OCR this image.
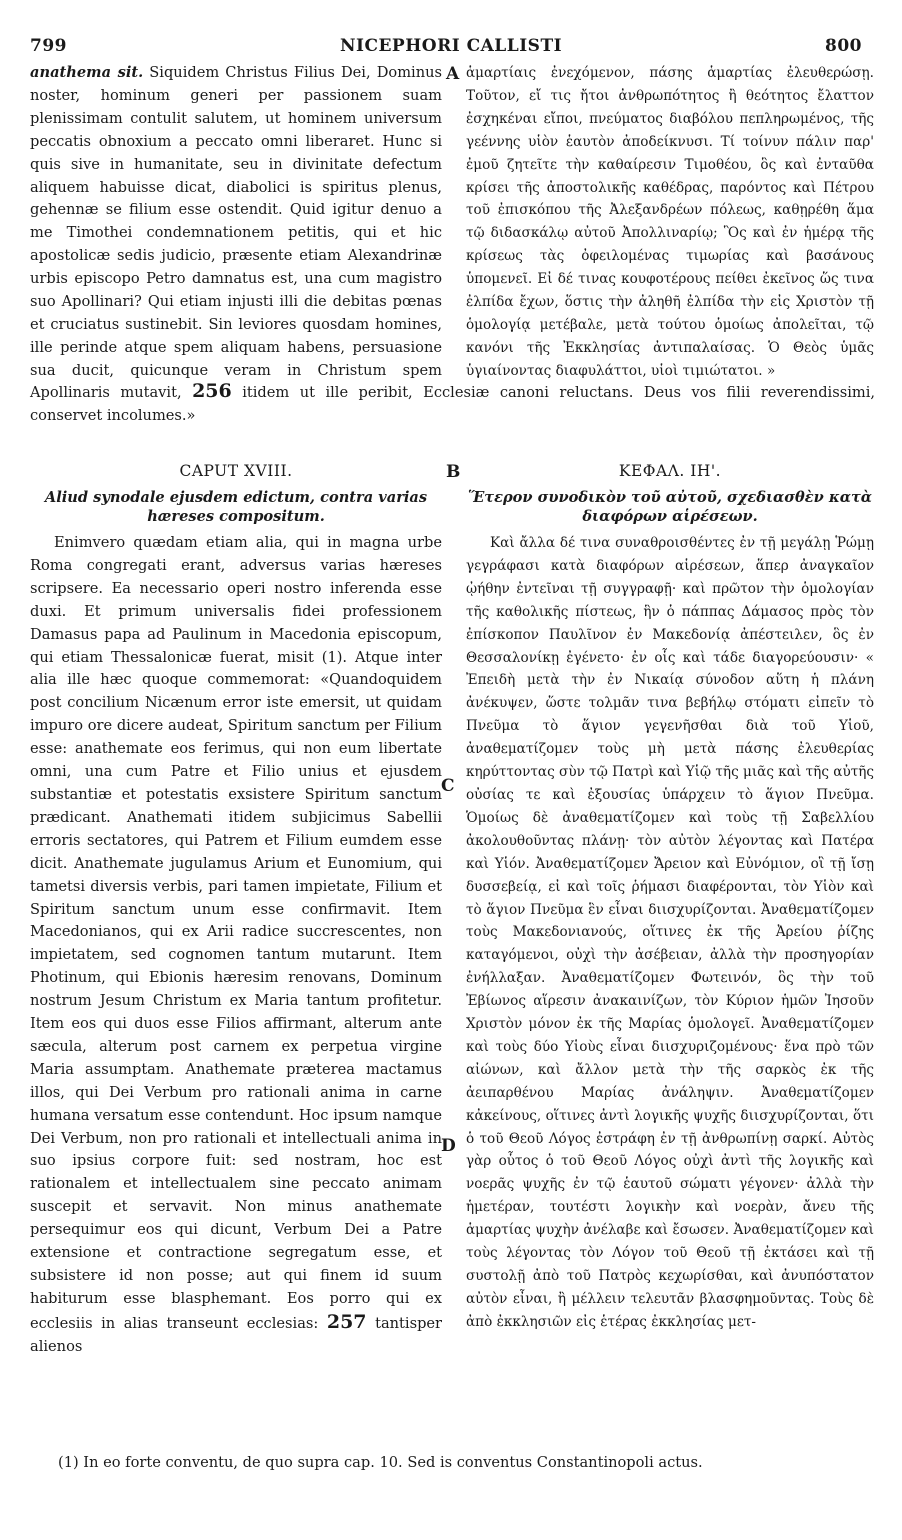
799	NICEPHORI CALLISTI	800

anathema sit. Siquidem Christus Filius Dei, Dominus noster, hominum generi per passionem suam plenissimam contulit salutem, ut hominem universum peccatis obnoxium a peccato omni liberaret. Hunc si quis sive in humanitate, seu in divinitate defectum aliquem habuisse dicat, diabolici is spiritus plenus, gehennæ se filium esse ostendit. Quid igitur denuo a me Timothei condemnationem petitis, qui et hic apostolicæ sedis judicio, præsente etiam Alexandrinæ urbis episcopo Petro damnatus est, una cum magistro suo Apollinari? Qui etiam injusti illi die debitas pœnas et cruciatus sustinebit. Sin leviores quosdam homines, ille perinde atque spem aliquam habens, persuasione sua ducit, quicunque veram in Christum spem

A ἁμαρτίαις ἐνεχόμενον, πάσης ἁμαρτίας ἐλευθερώσῃ. Τοῦτον, εἴ τις ἤτοι ἀνθρωπότητος ἢ θεότητος ἔλαττον ἐσχηκέναι εἴποι, πνεύματος διαβόλου πεπληρωμένος, τῆς γεέννης υἱὸν ἑαυτὸν ἀποδείκνυσι. Τί τοίνυν πάλιν παρ' ἐμοῦ ζητεῖτε τὴν καθαίρεσιν Τιμοθέου, ὃς καὶ ἐνταῦθα κρίσει τῆς ἀποστολικῆς καθέδρας, παρόντος καὶ Πέτρου τοῦ ἐπισκόπου τῆς Ἀλεξανδρέων πόλεως, καθῃρέθη ἅμα τῷ διδασκάλῳ αὐτοῦ Ἀπολλιναρίῳ; Ὃς καὶ ἐν ἡμέρᾳ τῆς κρίσεως τὰς ὀφειλομένας τιμωρίας καὶ βασάνους ὑπομενεῖ. Εἰ δέ τινας κουφοτέρους πείθει ἐκεῖνος ὥς τινα ἐλπίδα ἔχων, ὅστις τὴν ἀληθῆ ἐλπίδα τὴν εἰς Χριστὸν τῇ ὁμολογίᾳ μετέβαλε, μετὰ τούτου ὁμοίως ἀπολεῖται, τῷ κανόνι τῆς Ἐκκλησίας ἀντιπαλαίσας. Ὁ Θεὸς ὑμᾶς ὑγιαίνοντας διαφυλάττοι, υἱοὶ τιμιώτατοι. »

Apollinaris mutavit, 256 itidem ut ille peribit, Ecclesiæ canoni reluctans. Deus vos filii reverendissimi, conservet incolumes.»
CAPUT XVIII.	B	ΚΕΦΑΛ. ΙΗ'.
Aliud synodale ejusdem edictum, contra varias hæreses compositum.
Ἕτερον συνοδικὸν τοῦ αὐτοῦ, σχεδιασθὲν κατὰ διαφόρων αἱρέσεων.

Enimvero quædam etiam alia, qui in magna urbe Roma congregati erant, adversus varias hæreses scripsere. Ea necessario operi nostro inferenda esse duxi. Et primum universalis fidei professionem Damasus papa ad Paulinum in Macedonia episcopum, qui etiam Thessalonicæ fuerat, misit (1). Atque inter alia ille hæc quoque commemorat: «Quandoquidem post concilium Nicænum error iste emersit, ut quidam impuro ore dicere audeat, Spiritum sanctum per Filium esse: anathemate eos ferimus, qui non eum libertate omni, una cum Patre et Filio unius et ejusdem substantiæ et potestatis exsistere Spiritum sanctum prædicant. Anathemati itidem subjicimus Sabellii erroris sectatores, qui Patrem et Filium eumdem esse dicit. Anathemate jugulamus Arium et Eunomium, qui tametsi diversis verbis, pari tamen impietate, Filium et Spiritum sanctum unum esse confirmavit. Item Macedonianos, qui ex Arii radice succrescentes, non impietatem, sed cognomen tantum mutarunt. Item Photinum, qui Ebionis hæresim renovans, Dominum nostrum Jesum Christum ex Maria tantum profitetur. Item eos qui duos esse Filios affirmant, alterum ante sæcula, alterum post carnem ex perpetua virgine Maria assumptam. Anathemate præterea mactamus illos, qui Dei Verbum pro rationali anima in carne humana versatum esse contendunt. Hoc ipsum namque Dei Verbum, non pro rationali et intellectuali anima in suo ipsius corpore fuit: sed nostram, hoc est rationalem et intellectualem sine peccato animam suscepit et servavit. Non minus anathemate persequimur eos qui dicunt, Verbum Dei a Patre extensione et contractione segregatum esse, et subsistere id non posse; aut qui finem id suum habiturum esse blasphemant. Eos porro qui ex ecclesiis in alias transeunt ecclesias: 257 tantisper alienos

C
D

Καὶ ἄλλα δέ τινα συναθροισθέντες ἐν τῇ μεγάλῃ Ῥώμῃ γεγράφασι κατὰ διαφόρων αἱρέσεων, ἅπερ ἀναγκαῖον ᾠήθην ἐντεῖναι τῇ συγγραφῇ· καὶ πρῶτον τὴν ὁμολογίαν τῆς καθολικῆς πίστεως, ἣν ὁ πάππας Δάμασος πρὸς τὸν ἐπίσκοπον Παυλῖνον ἐν Μακεδονίᾳ ἀπέστειλεν, ὃς ἐν Θεσσαλονίκῃ ἐγένετο· ἐν οἷς καὶ τάδε διαγορεύουσιν· « Ἐπειδὴ μετὰ τὴν ἐν Νικαίᾳ σύνοδον αὕτη ἡ πλάνη ἀνέκυψεν, ὥστε τολμᾶν τινα βεβήλῳ στόματι εἰπεῖν τὸ Πνεῦμα τὸ ἅγιον γεγενῆσθαι διὰ τοῦ Υἱοῦ, ἀναθεματίζομεν τοὺς μὴ μετὰ πάσης ἐλευθερίας κηρύττοντας σὺν τῷ Πατρὶ καὶ Υἱῷ τῆς μιᾶς καὶ τῆς αὐτῆς οὐσίας τε καὶ ἐξουσίας ὑπάρχειν τὸ ἅγιον Πνεῦμα. Ὁμοίως δὲ ἀναθεματίζομεν καὶ τοὺς τῇ Σαβελλίου ἀκολουθοῦντας πλάνῃ· τὸν αὐτὸν λέγοντας καὶ Πατέρα καὶ Υἱόν. Ἀναθεματίζομεν Ἄρειον καὶ Εὐνόμιον, οἳ τῇ ἴσῃ δυσσεβείᾳ, εἰ καὶ τοῖς ῥήμασι διαφέρονται, τὸν Υἱὸν καὶ τὸ ἅγιον Πνεῦμα ἓν εἶναι διισχυρίζονται. Ἀναθεματίζομεν τοὺς Μακεδονιανούς, οἵτινες ἐκ τῆς Ἀρείου ῥίζης καταγόμενοι, οὐχὶ τὴν ἀσέβειαν, ἀλλὰ τὴν προσηγορίαν ἐνήλλαξαν. Ἀναθεματίζομεν Φωτεινόν, ὃς τὴν τοῦ Ἐβίωνος αἵρεσιν ἀνακαινίζων, τὸν Κύριον ἡμῶν Ἰησοῦν Χριστὸν μόνον ἐκ τῆς Μαρίας ὁμολογεῖ. Ἀναθεματίζομεν καὶ τοὺς δύο Υἱοὺς εἶναι διισχυριζομένους· ἕνα πρὸ τῶν αἰώνων, καὶ ἄλλον μετὰ τὴν τῆς σαρκὸς ἐκ τῆς ἀειπαρθένου Μαρίας ἀνάληψιν. Ἀναθεματίζομεν κἀκείνους, οἵτινες ἀντὶ λογικῆς ψυχῆς διισχυρίζονται, ὅτι ὁ τοῦ Θεοῦ Λόγος ἐστράφη ἐν τῇ ἀνθρωπίνῃ σαρκί. Αὐτὸς γὰρ οὗτος ὁ τοῦ Θεοῦ Λόγος οὐχὶ ἀντὶ τῆς λογικῆς καὶ νοερᾶς ψυχῆς ἐν τῷ ἑαυτοῦ σώματι γέγονεν· ἀλλὰ τὴν ἡμετέραν, τουτέστι λογικὴν καὶ νοερὰν, ἄνευ τῆς ἁμαρτίας ψυχὴν ἀνέλαβε καὶ ἔσωσεν. Ἀναθεματίζομεν καὶ τοὺς λέγοντας τὸν Λόγον τοῦ Θεοῦ τῇ ἐκτάσει καὶ τῇ συστολῇ ἀπὸ τοῦ Πατρὸς κεχωρίσθαι, καὶ ἀνυπόστατον αὐτὸν εἶναι, ἢ μέλλειν τελευτᾶν βλασφημοῦντας. Τοὺς δὲ ἀπὸ ἐκκλησιῶν εἰς ἑτέρας ἐκκλησίας μετ-

(1) In eo forte conventu, de quo supra cap. 10. Sed is conventus Constantinopoli actus.
